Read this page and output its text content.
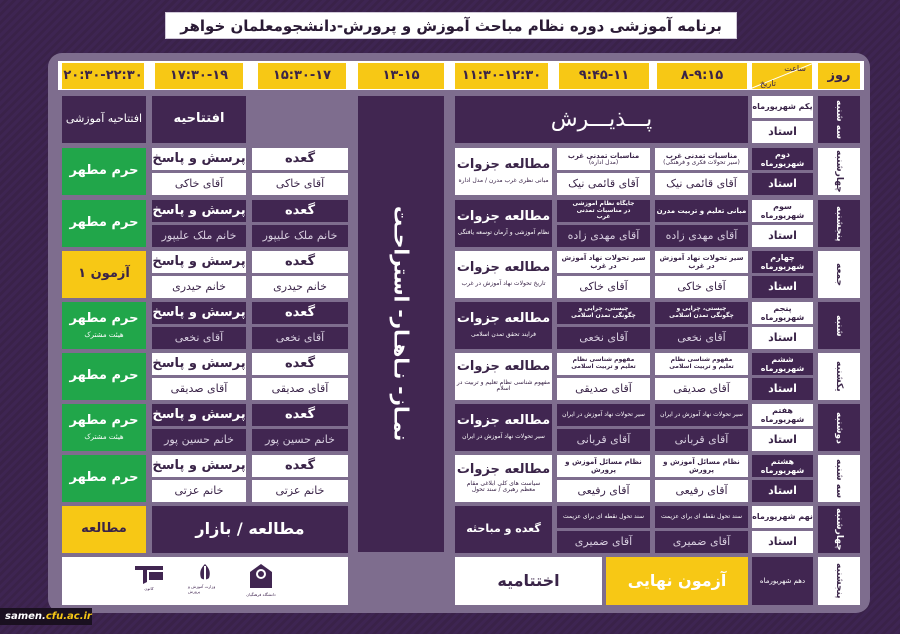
برنامه آموزشی دوره نظام مباحث آموزش و پرورش-دانشجومعلمان خواهر
روز
ساعت
تاریخ
۸-۹:۱۵
۹:۴۵-۱۱
۱۱:۳۰-۱۲:۳۰
۱۳-۱۵
۱۵:۳۰-۱۷
۱۷:۳۰-۱۹
۲۰:۳۰-۲۲:۳۰
نمـاز- نـاهـار- استراحـت
سه شنبه
یکم شهریورماه
استاد
پـــذیـــرش
افتتاحیه
افتتاحیه آموزشی
چهارشنبه
دوم شهریورماه
استاد
مناسبات تمدنی غرب
(سیر تحولات فکری و فرهنگی)
آقای قائمی نیک
مناسبات تمدنی غرب
(مدل اداره)
آقای قائمی نیک
مطالعه جزوات
مبانی نظری غرب مدرن / مدل اداره
گعده
آقای خاکی
پرسش و پاسخ
آقای خاکی
حرم مطهر
پنجشنبه
سوم شهریورماه
استاد
مبانی تعلیم و تربیت مدرن
آقای مهدی زاده
جایگاه نظام آموزشی در مناسبات تمدنی غرب
آقای مهدی زاده
مطالعه جزوات
نظام آموزشی و آرمان توسعه یافتگی
گعده
خانم ملک علیپور
پرسش و پاسخ
خانم ملک علیپور
حرم مطهر
جمعه
چهارم شهریورماه
استاد
سیر تحولات نهاد آموزش در غرب
آقای خاکی
سیر تحولات نهاد آموزش در غرب
آقای خاکی
مطالعه جزوات
تاریخ تحولات نهاد آموزش در غرب
گعده
خانم حیدری
پرسش و پاسخ
خانم حیدری
آزمون ۱
شنبه
پنجم شهریورماه
استاد
چیستی، چرایی و چگونگی تمدن اسلامی
آقای نخعی
چیستی، چرایی و چگونگی تمدن اسلامی
آقای نخعی
مطالعه جزوات
فرایند تحقق تمدن اسلامی
گعده
آقای نخعی
پرسش و پاسخ
آقای نخعی
حرم مطهر
هیئت مشترک
یکشنبه
ششم شهریورماه
استاد
مفهوم شناسی نظام تعلیم و تربیت اسلامی
آقای صدیقی
مفهوم شناسی نظام تعلیم و تربیت اسلامی
آقای صدیقی
مطالعه جزوات
مفهوم شناسی نظام تعلیم و تربیت در اسلام
گعده
آقای صدیقی
پرسش و پاسخ
آقای صدیقی
حرم مطهر
دوشنبه
هفتم شهریورماه
استاد
سیر تحولات نهاد آموزش در ایران
آقای قربانی
سیر تحولات نهاد آموزش در ایران
آقای قربانی
مطالعه جزوات
سیر تحولات نهاد آموزش در ایران
گعده
خانم حسین پور
پرسش و پاسخ
خانم حسین پور
حرم مطهر
هیئت مشترک
سه شنبه
هشتم شهریورماه
استاد
نظام مسائل آموزش و پرورش
آقای رفیعی
نظام مسائل آموزش و پرورش
آقای رفیعی
مطالعه جزوات
سیاست های کلی ابلاغی مقام معظم رهبری / سند تحول
گعده
خانم عزتی
پرسش و پاسخ
خانم عزتی
حرم مطهر
چهارشنبه
نهم شهریورماه
استاد
سند تحول نقطه ای برای عزیمت
آقای ضمیری
سند تحول نقطه ای برای عزیمت
آقای ضمیری
گعده و مباحثه
مطالعه / بازار
مطالعه
پنجشنبه
دهم شهریورماه
آزمون نهایی
اختتامیه
کانون	وزارت آموزش و پرورش
دانشگاه فرهنگیان
samen. cfu.ac.ir
